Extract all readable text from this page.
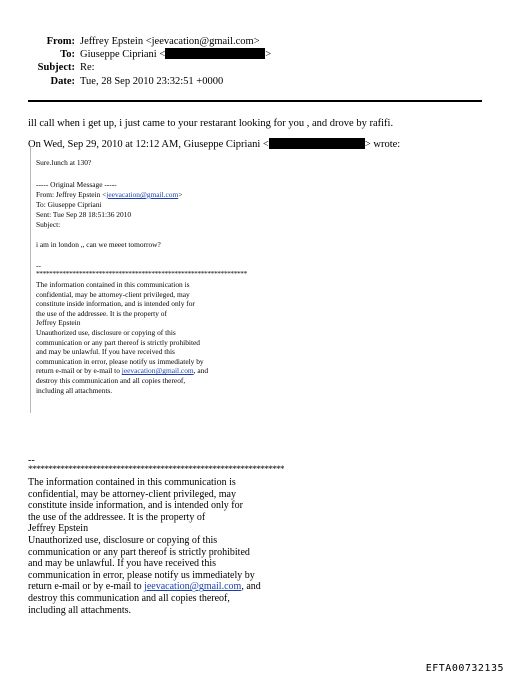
From: Jeffrey Epstein <jeevacation@gmail.com>
To: Giuseppe Cipriani <	>
Subject: Re:
Date: Tue, 28 Sep 2010 23:32:51 +0000
ill call when i get up, i just came to your restarant looking for you , and drove by rafifi.
On Wed, Sep 29, 2010 at 12:12 AM, Giuseppe Cipriani <	> wrote:
Sure.lunch at 130?
----- Original Message -----
From: Jeffrey Epstein <jeevacation@gmail.com>
To: Giuseppe Cipriani
Sent: Tue Sep 28 18:51:36 2010
Subject:
i am in london ,, can we meeet tomorrow?
--
****************************************************************
The information contained in this communication is
confidential, may be attorney-client privileged, may
constitute inside information, and is intended only for
the use of the addressee. It is the property of
Jeffrey Epstein
Unauthorized use, disclosure or copying of this
communication or any part thereof is strictly prohibited
and may be unlawful. If you have received this
communication in error, please notify us immediately by
return e-mail or by e-mail to jeevacation@gmail.com, and
destroy this communication and all copies thereof,
including all attachments.
--
****************************************************************
The information contained in this communication is
confidential, may be attorney-client privileged, may
constitute inside information, and is intended only for
the use of the addressee. It is the property of
Jeffrey Epstein
Unauthorized use, disclosure or copying of this
communication or any part thereof is strictly prohibited
and may be unlawful. If you have received this
communication in error, please notify us immediately by
return e-mail or by e-mail to jeevacation@gmail.com, and
destroy this communication and all copies thereof,
including all attachments.
EFTA00732135
